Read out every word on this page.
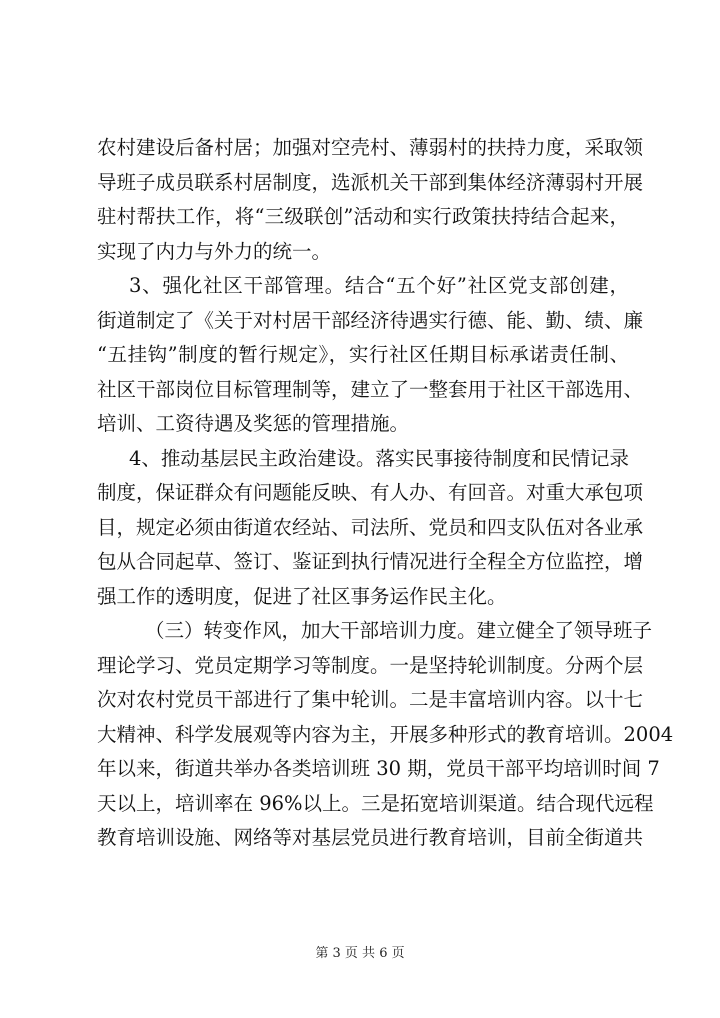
农村建设后备村居；加强对空壳村、薄弱村的扶持力度，采取领
导班子成员联系村居制度，选派机关干部到集体经济薄弱村开展
驻村帮扶工作，将“三级联创”活动和实行政策扶持结合起来，
实现了内力与外力的统一。
3、强化社区干部管理。结合“五个好”社区党支部创建，
街道制定了《关于对村居干部经济待遇实行德、能、勤、绩、廉
“五挂钩”制度的暂行规定》，实行社区任期目标承诺责任制、
社区干部岗位目标管理制等，建立了一整套用于社区干部选用、
培训、工资待遇及奖惩的管理措施。
4、推动基层民主政治建设。落实民事接待制度和民情记录
制度，保证群众有问题能反映、有人办、有回音。对重大承包项
目，规定必须由街道农经站、司法所、党员和四支队伍对各业承
包从合同起草、签订、鉴证到执行情况进行全程全方位监控，增
强工作的透明度，促进了社区事务运作民主化。
（三）转变作风，加大干部培训力度。建立健全了领导班子
理论学习、党员定期学习等制度。一是坚持轮训制度。分两个层
次对农村党员干部进行了集中轮训。二是丰富培训内容。以十七
大精神、科学发展观等内容为主，开展多种形式的教育培训。2004
年以来，街道共举办各类培训班 30 期，党员干部平均培训时间 7
天以上，培训率在 96%以上。三是拓宽培训渠道。结合现代远程
教育培训设施、网络等对基层党员进行教育培训，目前全街道共
第 3 页 共 6 页
